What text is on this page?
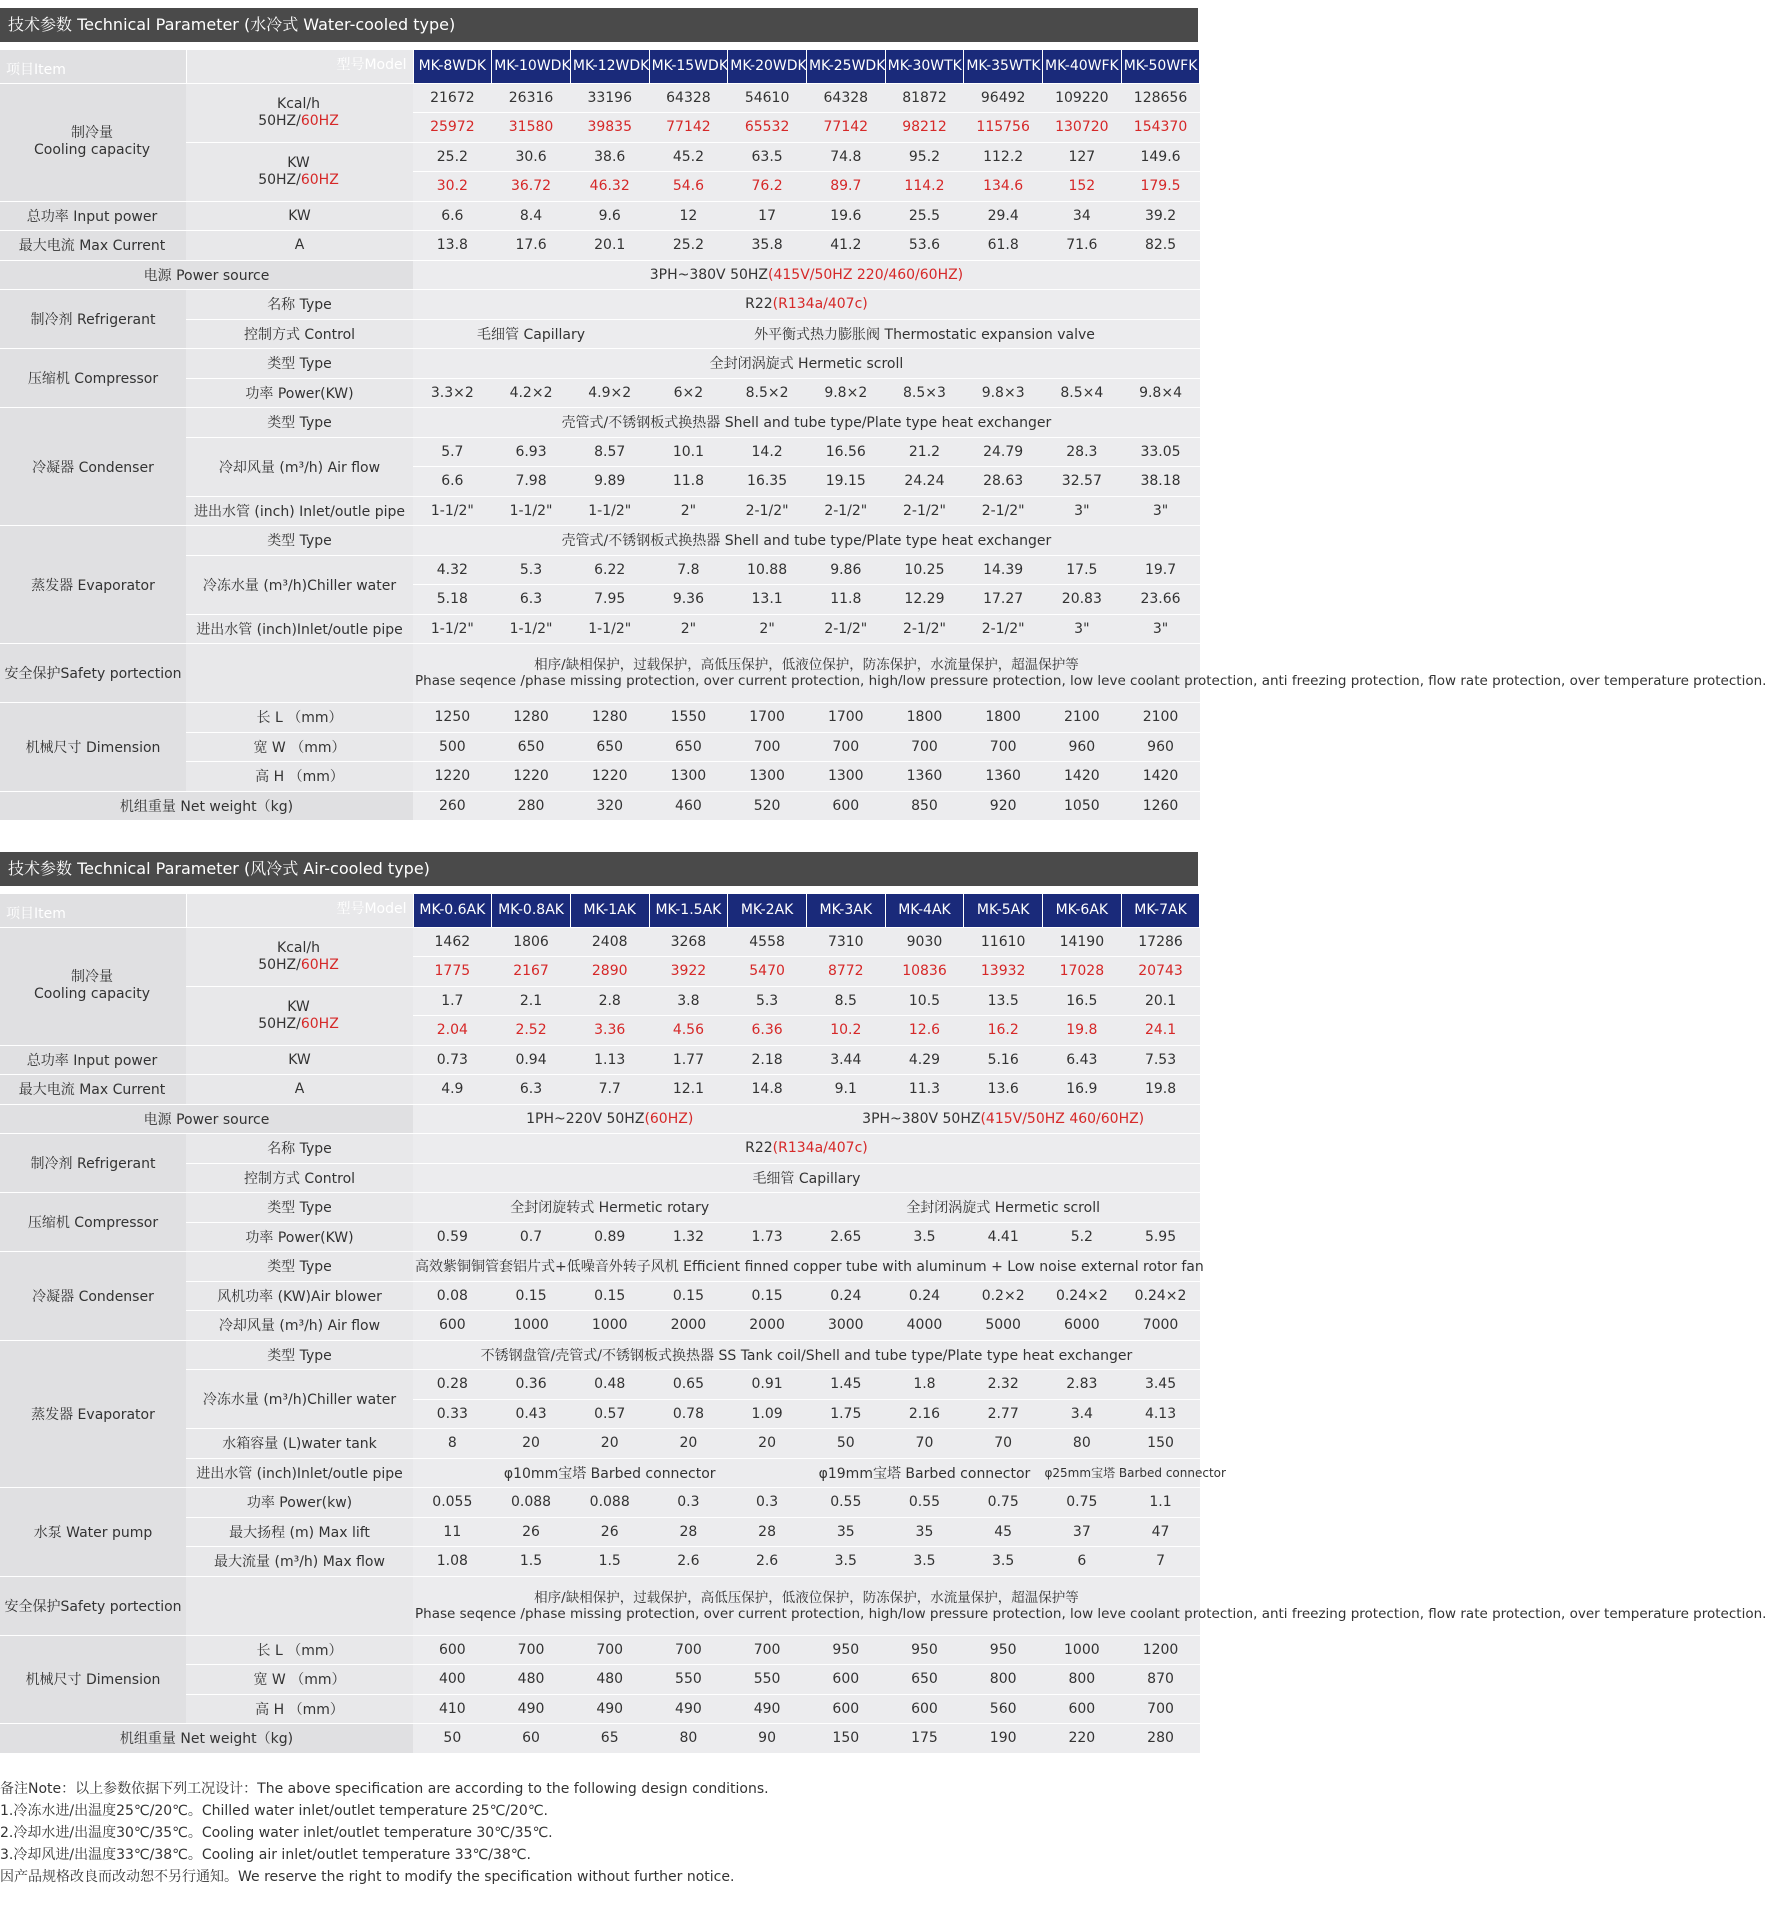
技术参数 Technical Parameter (水冷式 Water-cooled type)
项目Item	型号Model	MK-8WDK	MK-10WDK	MK-12WDK	MK-15WDK	MK-20WDK	MK-25WDK	MK-30WTK	MK-35WTK	MK-40WFK	MK-50WFK

制冷量
Cooling capacity	Kcal/h
50HZ/60HZ	21672	26316	33196	64328	54610	64328	81872	96492	109220	128656
		25972	31580	39835	77142	65532	77142	98212	115756	130720	154370

	KW
50HZ/60HZ	25.2	30.6	38.6	45.2	63.5	74.8	95.2	112.2	127	149.6
		30.2	36.72	46.32	54.6	76.2	89.7	114.2	134.6	152	179.5
总功率 Input power	KW	6.6	8.4	9.6	12	17	19.6	25.5	29.4	34	39.2
最大电流 Max Current	A	13.8	17.6	20.1	25.2	35.8	41.2	53.6	61.8	71.6	82.5
电源 Power source		3PH~380V 50HZ(415V/50HZ 220/460/60HZ)									
制冷剂 Refrigerant	名称 Type	R22(R134a/407c)									
	控制方式 Control	毛细管 Capillary			外平衡式热力膨胀阀 Thermostatic expansion valve						
压缩机 Compressor	类型 Type	全封闭涡旋式 Hermetic scroll									
	功率 Power(KW)	3.3×2	4.2×2	4.9×2	6×2	8.5×2	9.8×2	8.5×3	9.8×3	8.5×4	9.8×4
冷凝器 Condenser	类型 Type	壳管式/不锈钢板式换热器 Shell and tube type/Plate type heat exchanger									
	冷却风量 (m³/h) Air flow	5.7	6.93	8.57	10.1	14.2	16.56	21.2	24.79	28.3	33.05
		6.6	7.98	9.89	11.8	16.35	19.15	24.24	28.63	32.57	38.18
	进出水管 (inch) Inlet/outle pipe	1-1/2"	1-1/2"	1-1/2"	2"	2-1/2"	2-1/2"	2-1/2"	2-1/2"	3"	3"
蒸发器 Evaporator	类型 Type	壳管式/不锈钢板式换热器 Shell and tube type/Plate type heat exchanger									
	冷冻水量 (m³/h)Chiller water	4.32	5.3	6.22	7.8	10.88	9.86	10.25	14.39	17.5	19.7
		5.18	6.3	7.95	9.36	13.1	11.8	12.29	17.27	20.83	23.66
	进出水管 (inch)Inlet/outle pipe	1-1/2"	1-1/2"	1-1/2"	2"	2"	2-1/2"	2-1/2"	2-1/2"	3"	3"
安全保护Safety portection		相序/缺相保护，过载保护，高低压保护，低液位保护，防冻保护，水流量保护，超温保护等
Phase seqence /phase missing protection, over current protection, high/low pressure protection, low leve coolant protection, anti freezing protection, flow rate protection, over temperature protection.									

机械尺寸 Dimension	长 L （mm）	1250	1280	1280	1550	1700	1700	1800	1800	2100	2100
	宽 W （mm）	500	650	650	650	700	700	700	700	960	960
	高 H （mm）	1220	1220	1220	1300	1300	1300	1360	1360	1420	1420
机组重量 Net weight（kg)		260	280	320	460	520	600	850	920	1050	1260
技术参数 Technical Parameter (风冷式 Air-cooled type)
项目Item	型号Model	MK-0.6AK	MK-0.8AK	MK-1AK	MK-1.5AK	MK-2AK	MK-3AK	MK-4AK	MK-5AK	MK-6AK	MK-7AK

制冷量
Cooling capacity	Kcal/h
50HZ/60HZ	1462	1806	2408	3268	4558	7310	9030	11610	14190	17286
		1775	2167	2890	3922	5470	8772	10836	13932	17028	20743

	KW
50HZ/60HZ	1.7	2.1	2.8	3.8	5.3	8.5	10.5	13.5	16.5	20.1
		2.04	2.52	3.36	4.56	6.36	10.2	12.6	16.2	19.8	24.1
总功率 Input power	KW	0.73	0.94	1.13	1.77	2.18	3.44	4.29	5.16	6.43	7.53
最大电流 Max Current	A	4.9	6.3	7.7	12.1	14.8	9.1	11.3	13.6	16.9	19.8
电源 Power source		1PH~220V 50HZ(60HZ)					3PH~380V 50HZ(415V/50HZ 460/60HZ)				
制冷剂 Refrigerant	名称 Type	R22(R134a/407c)									
	控制方式 Control	毛细管 Capillary									
压缩机 Compressor	类型 Type	全封闭旋转式 Hermetic rotary					全封闭涡旋式 Hermetic scroll				
	功率 Power(KW)	0.59	0.7	0.89	1.32	1.73	2.65	3.5	4.41	5.2	5.95
冷凝器 Condenser	类型 Type	高效紫铜铜管套铝片式+低噪音外转子风机 Efficient finned copper tube with aluminum + Low noise external rotor fan									
	风机功率 (KW)Air blower	0.08	0.15	0.15	0.15	0.15	0.24	0.24	0.2×2	0.24×2	0.24×2
	冷却风量 (m³/h) Air flow	600	1000	1000	2000	2000	3000	4000	5000	6000	7000
蒸发器 Evaporator	类型 Type	不锈钢盘管/壳管式/不锈钢板式换热器 SS Tank coil/Shell and tube type/Plate type heat exchanger									
	冷冻水量 (m³/h)Chiller water	0.28	0.36	0.48	0.65	0.91	1.45	1.8	2.32	2.83	3.45
		0.33	0.43	0.57	0.78	1.09	1.75	2.16	2.77	3.4	4.13
	水箱容量 (L)water tank	8	20	20	20	20	50	70	70	80	150
	进出水管 (inch)Inlet/outle pipe	φ10mm宝塔 Barbed connector					φ19mm宝塔 Barbed connector			φ25mm宝塔 Barbed connector	
水泵 Water pump	功率 Power(kw)	0.055	0.088	0.088	0.3	0.3	0.55	0.55	0.75	0.75	1.1
	最大扬程 (m) Max lift	11	26	26	28	28	35	35	45	37	47
	最大流量 (m³/h) Max flow	1.08	1.5	1.5	2.6	2.6	3.5	3.5	3.5	6	7
安全保护Safety portection		相序/缺相保护，过载保护，高低压保护，低液位保护，防冻保护，水流量保护，超温保护等
Phase seqence /phase missing protection, over current protection, high/low pressure protection, low leve coolant protection, anti freezing protection, flow rate protection, over temperature protection.									

机械尺寸 Dimension	长 L （mm）	600	700	700	700	700	950	950	950	1000	1200
	宽 W （mm）	400	480	480	550	550	600	650	800	800	870
	高 H （mm）	410	490	490	490	490	600	600	560	600	700
机组重量 Net weight（kg)		50	60	65	80	90	150	175	190	220	280
备注Note：以上参数依据下列工况设计：The above specification are according to the following design conditions.
1.冷冻水进/出温度25℃/20℃。Chilled water inlet/outlet temperature 25℃/20℃.
2.冷却水进/出温度30℃/35℃。Cooling water inlet/outlet temperature 30℃/35℃.
3.冷却风进/出温度33℃/38℃。Cooling air inlet/outlet temperature 33℃/38℃.
因产品规格改良而改动恕不另行通知。We reserve the right to modify the specification without further notice.
